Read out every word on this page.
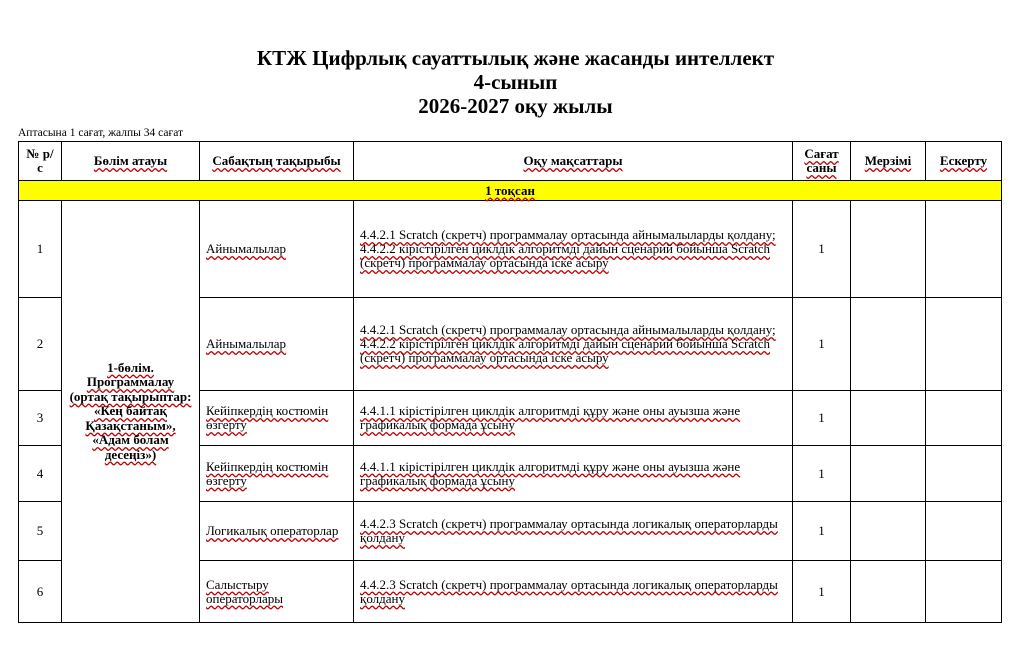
КТЖ Цифрлық сауаттылық және жасанды интеллект
4-сынып
2026-2027 оқу жылы
Аптасына 1 сағат, жалпы 34 сағат
№ р/с	Бөлім атауы	Сабақтың тақырыбы	Оқу мақсаттары	Сағат саны	Мерзімі	Ескерту
1 тоқсан						
1	1-бөлім. Программалау (ортақ тақырыптар: «Кең байтақ Қазақстаным», «Адам болам десеңіз»)	Айнымалылар	4.4.2.1 Scratch (скретч) программалау ортасында айнымалыларды қолдану;
4.4.2.2 кірістірілген циклдік алгоритмді дайын сценарий бойынша Scratch (скретч) программалау ортасында іске асыру	1		
2		Айнымалылар	4.4.2.1 Scratch (скретч) программалау ортасында айнымалыларды қолдану;
4.4.2.2 кірістірілген циклдік алгоритмді дайын сценарий бойынша Scratch (скретч) программалау ортасында іске асыру	1		
3		Кейіпкердің костюмін өзгерту	4.4.1.1 кірістірілген циклдік алгоритмді құру және оны ауызша және графикалық формада ұсыну	1		
4		Кейіпкердің костюмін өзгерту	4.4.1.1 кірістірілген циклдік алгоритмді құру және оны ауызша және графикалық формада ұсыну	1		
5		Логикалық операторлар	4.4.2.3 Scratch (скретч) программалау ортасында логикалық операторларды қолдану	1		
6		Салыстыру операторлары	4.4.2.3 Scratch (скретч) программалау ортасында логикалық операторларды қолдану	1		
